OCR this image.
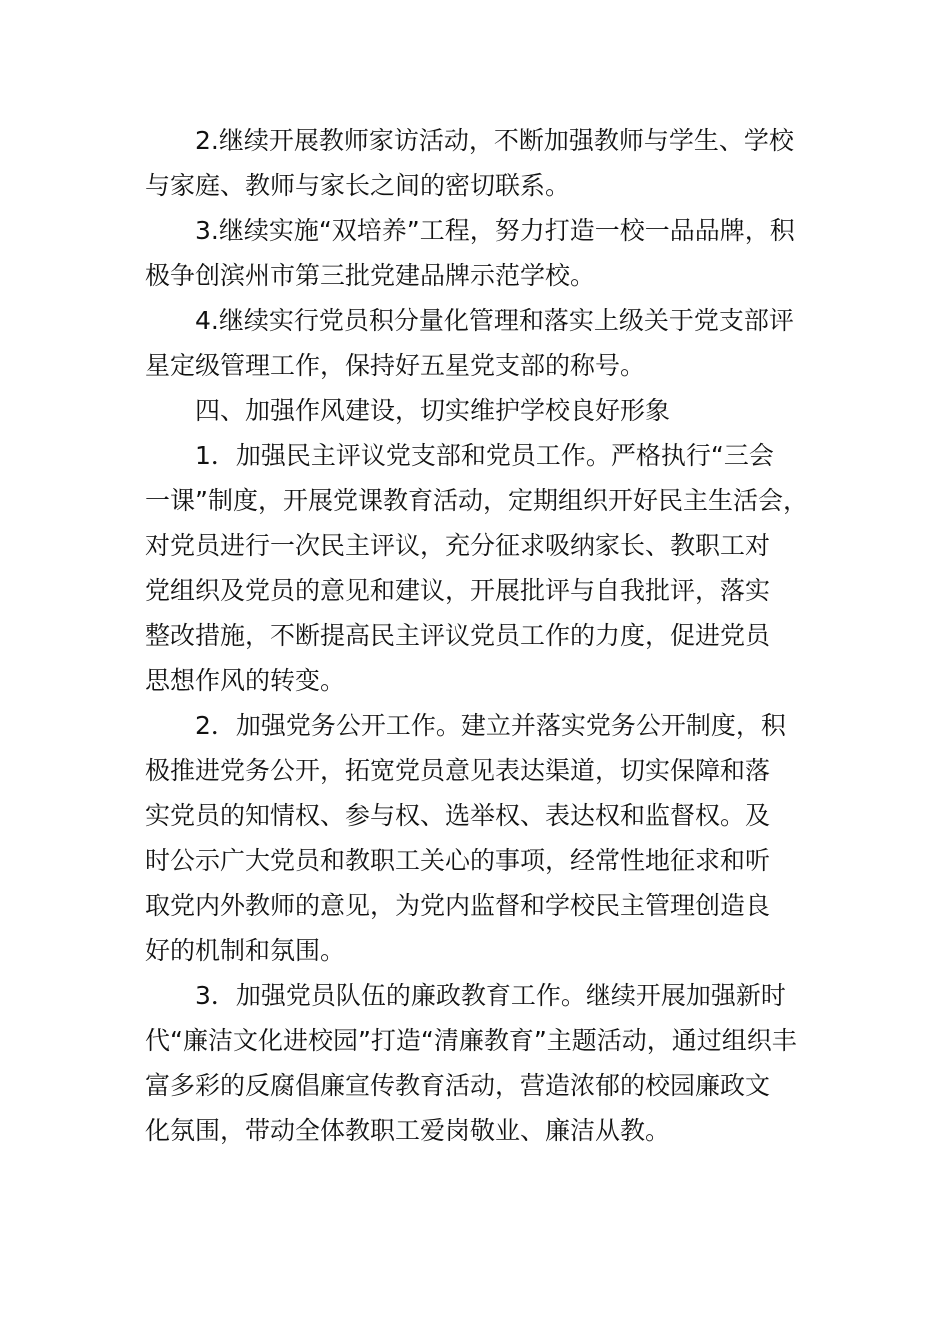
2.继续开展教师家访活动，不断加强教师与学生、学校
与家庭、教师与家长之间的密切联系。

3.继续实施“双培养”工程，努力打造一校一品品牌，积
极争创滨州市第三批党建品牌示范学校。

4.继续实行党员积分量化管理和落实上级关于党支部评
星定级管理工作，保持好五星党支部的称号。

四、加强作风建设，切实维护学校良好形象

1．加强民主评议党支部和党员工作。严格执行“三会
一课”制度，开展党课教育活动，定期组织开好民主生活会，
对党员进行一次民主评议，充分征求吸纳家长、教职工对
党组织及党员的意见和建议，开展批评与自我批评，落实
整改措施，不断提高民主评议党员工作的力度，促进党员
思想作风的转变。

2．加强党务公开工作。建立并落实党务公开制度，积
极推进党务公开，拓宽党员意见表达渠道，切实保障和落
实党员的知情权、参与权、选举权、表达权和监督权。及
时公示广大党员和教职工关心的事项，经常性地征求和听
取党内外教师的意见，为党内监督和学校民主管理创造良
好的机制和氛围。

3．加强党员队伍的廉政教育工作。继续开展加强新时
代“廉洁文化进校园”打造“清廉教育”主题活动，通过组织丰
富多彩的反腐倡廉宣传教育活动，营造浓郁的校园廉政文
化氛围，带动全体教职工爱岗敬业、廉洁从教。
